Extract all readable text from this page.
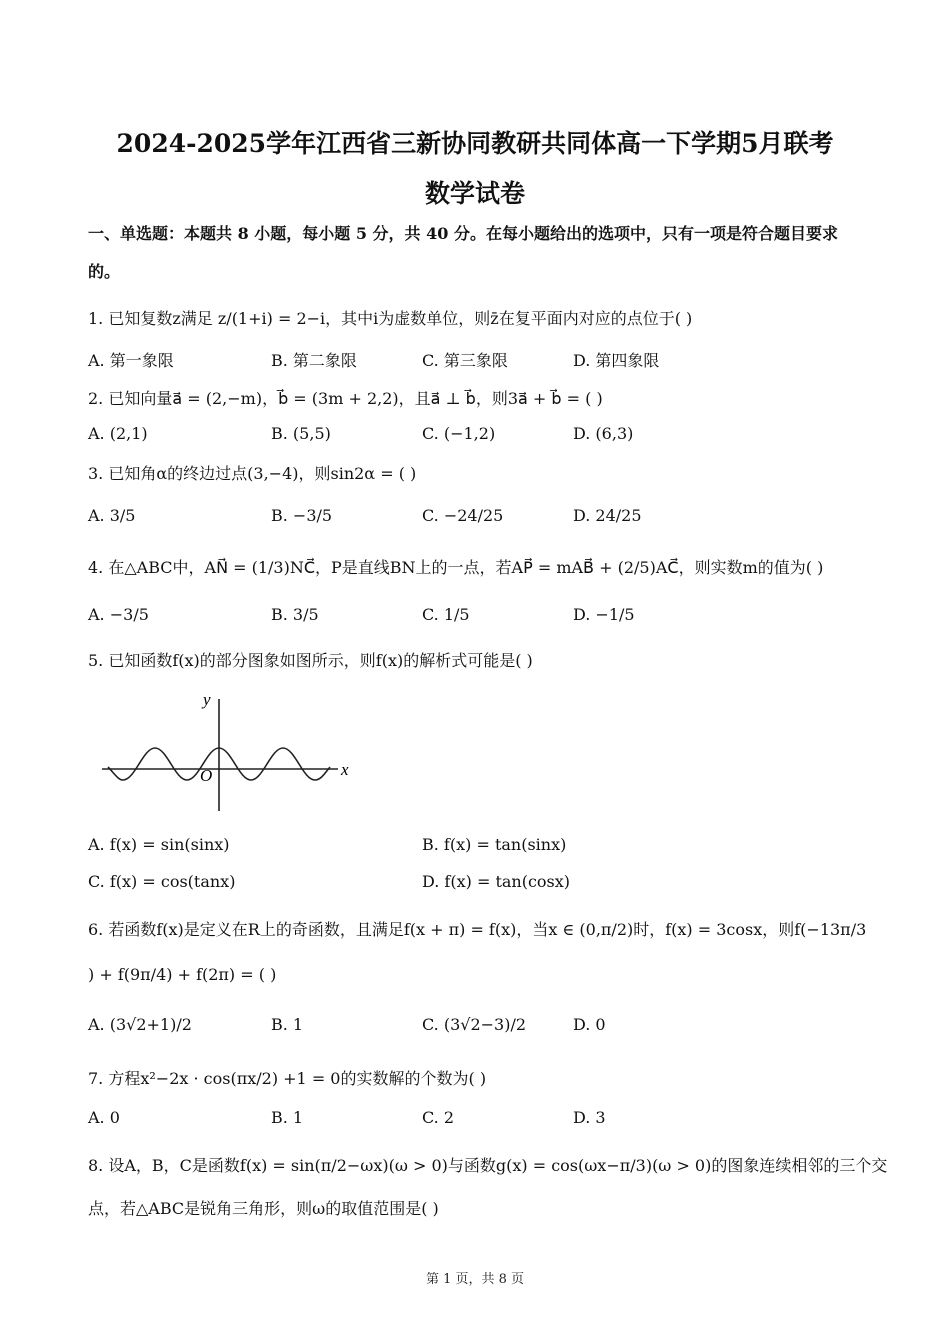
2024-2025学年江西省三新协同教研共同体高一下学期5月联考
数学试卷
一、单选题：本题共 8 小题，每小题 5 分，共 40 分。在每小题给出的选项中，只有一项是符合题目要求的。
1. 已知复数z满足 z/(1+i) = 2−i，其中i为虚数单位，则z̄在复平面内对应的点位于( )
A. 第一象限	B. 第二象限	C. 第三象限	D. 第四象限
2. 已知向量a⃗ = (2,−m)，b⃗ = (3m + 2,2)，且a⃗ ⊥ b⃗，则3a⃗ + b⃗ = ( )
A. (2,1)	B. (5,5)	C. (−1,2)	D. (6,3)
3. 已知角α的终边过点(3,−4)，则sin2α = ( )
A. 3/5	B. −3/5	C. −24/25	D. 24/25
4. 在△ABC中，AN⃗ = (1/3)NC⃗，P是直线BN上的一点，若AP⃗ = mAB⃗ + (2/5)AC⃗，则实数m的值为( )
A. −3/5	B. 3/5	C. 1/5	D. −1/5
5. 已知函数f(x)的部分图象如图所示，则f(x)的解析式可能是( )
y
x
O
A. f(x) = sin(sinx)	B. f(x) = tan(sinx)
C. f(x) = cos(tanx)	D. f(x) = tan(cosx)
6. 若函数f(x)是定义在R上的奇函数，且满足f(x + π) = f(x)，当x ∈ (0,π/2)时，f(x) = 3cosx，则f(−13π/3
) + f(9π/4) + f(2π) = ( )
A. (3√2+1)/2	B. 1	C. (3√2−3)/2	D. 0
7. 方程x²−2x · cos(πx/2) +1 = 0的实数解的个数为( )
A. 0	B. 1	C. 2	D. 3
8. 设A，B，C是函数f(x) = sin(π/2−ωx)(ω > 0)与函数g(x) = cos(ωx−π/3)(ω > 0)的图象连续相邻的三个交
点，若△ABC是锐角三角形，则ω的取值范围是( )
第 1 页，共 8 页
